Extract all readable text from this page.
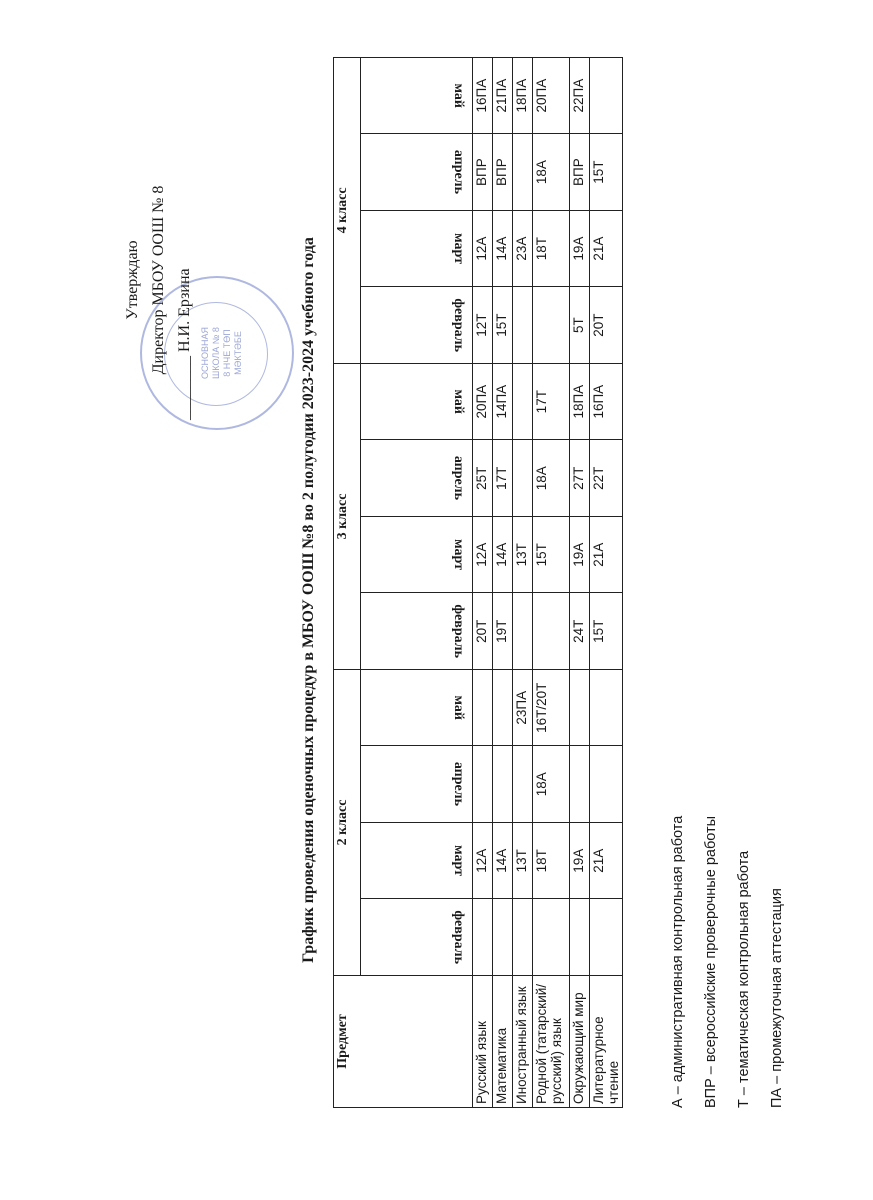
ОСНОВНАЯ ШКОЛА № 8 8 НЧЕ ТӨП МӘКТӘБЕ
Утверждаю Директор МБОУ ООШ № 8 ________ Н.И. Ерзина	График проведения оценочных процедур в МБОУ ООШ №8 во 2 полугодии 2023-2024 учебного года
Предмет	2 класс				3 класс				4 класс			
	февраль	март	апрель	май	февраль	март	апрель	май	февраль	март	апрель	май
Русский язык		12А			20Т	12А	25Т	20ПА	12Т	12А	ВПР	16ПА
Математика		14А			19Т	14А	17Т	14ПА	15Т	14А	ВПР	21ПА
Иностранный язык		13Т		23ПА		13Т				23А		18ПА
Родной (татарский/русский) язык		18Т	18А	16Т/20Т		15Т	18А	17Т		18Т	18А	20ПА
Окружающий мир		19А			24Т	19А	27Т	18ПА	5Т	19А	ВПР	22ПА
Литературное чтение		21А			15Т	21А	22Т	16ПА	20Т	21А	15Т	
А – административная контрольная работа	ВПР – всероссийские проверочные работы	Т – тематическая контрольная работа	ПА – промежуточная аттестация
